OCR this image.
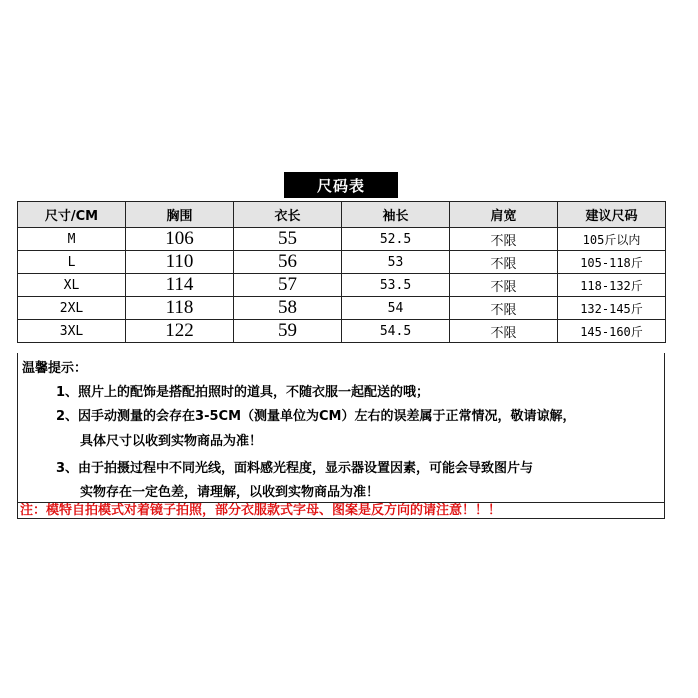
尺码表
尺寸/CM	胸围	衣长	袖长	肩宽	建议尺码
M	106	55	52.5	不限	105斤以内
L	110	56	53	不限	105-118斤
XL	114	57	53.5	不限	118-132斤
2XL	118	58	54	不限	132-145斤
3XL	122	59	54.5	不限	145-160斤
温馨提示：
1、照片上的配饰是搭配拍照时的道具，不随衣服一起配送的哦；
2、因手动测量的会存在3-5CM（测量单位为CM）左右的误差属于正常情况，敬请谅解，
具体尺寸以收到实物商品为准！
3、由于拍摄过程中不同光线，面料感光程度，显示器设置因素，可能会导致图片与
实物存在一定色差，请理解，以收到实物商品为准！
注：模特自拍模式对着镜子拍照，部分衣服款式字母、图案是反方向的请注意！！！
